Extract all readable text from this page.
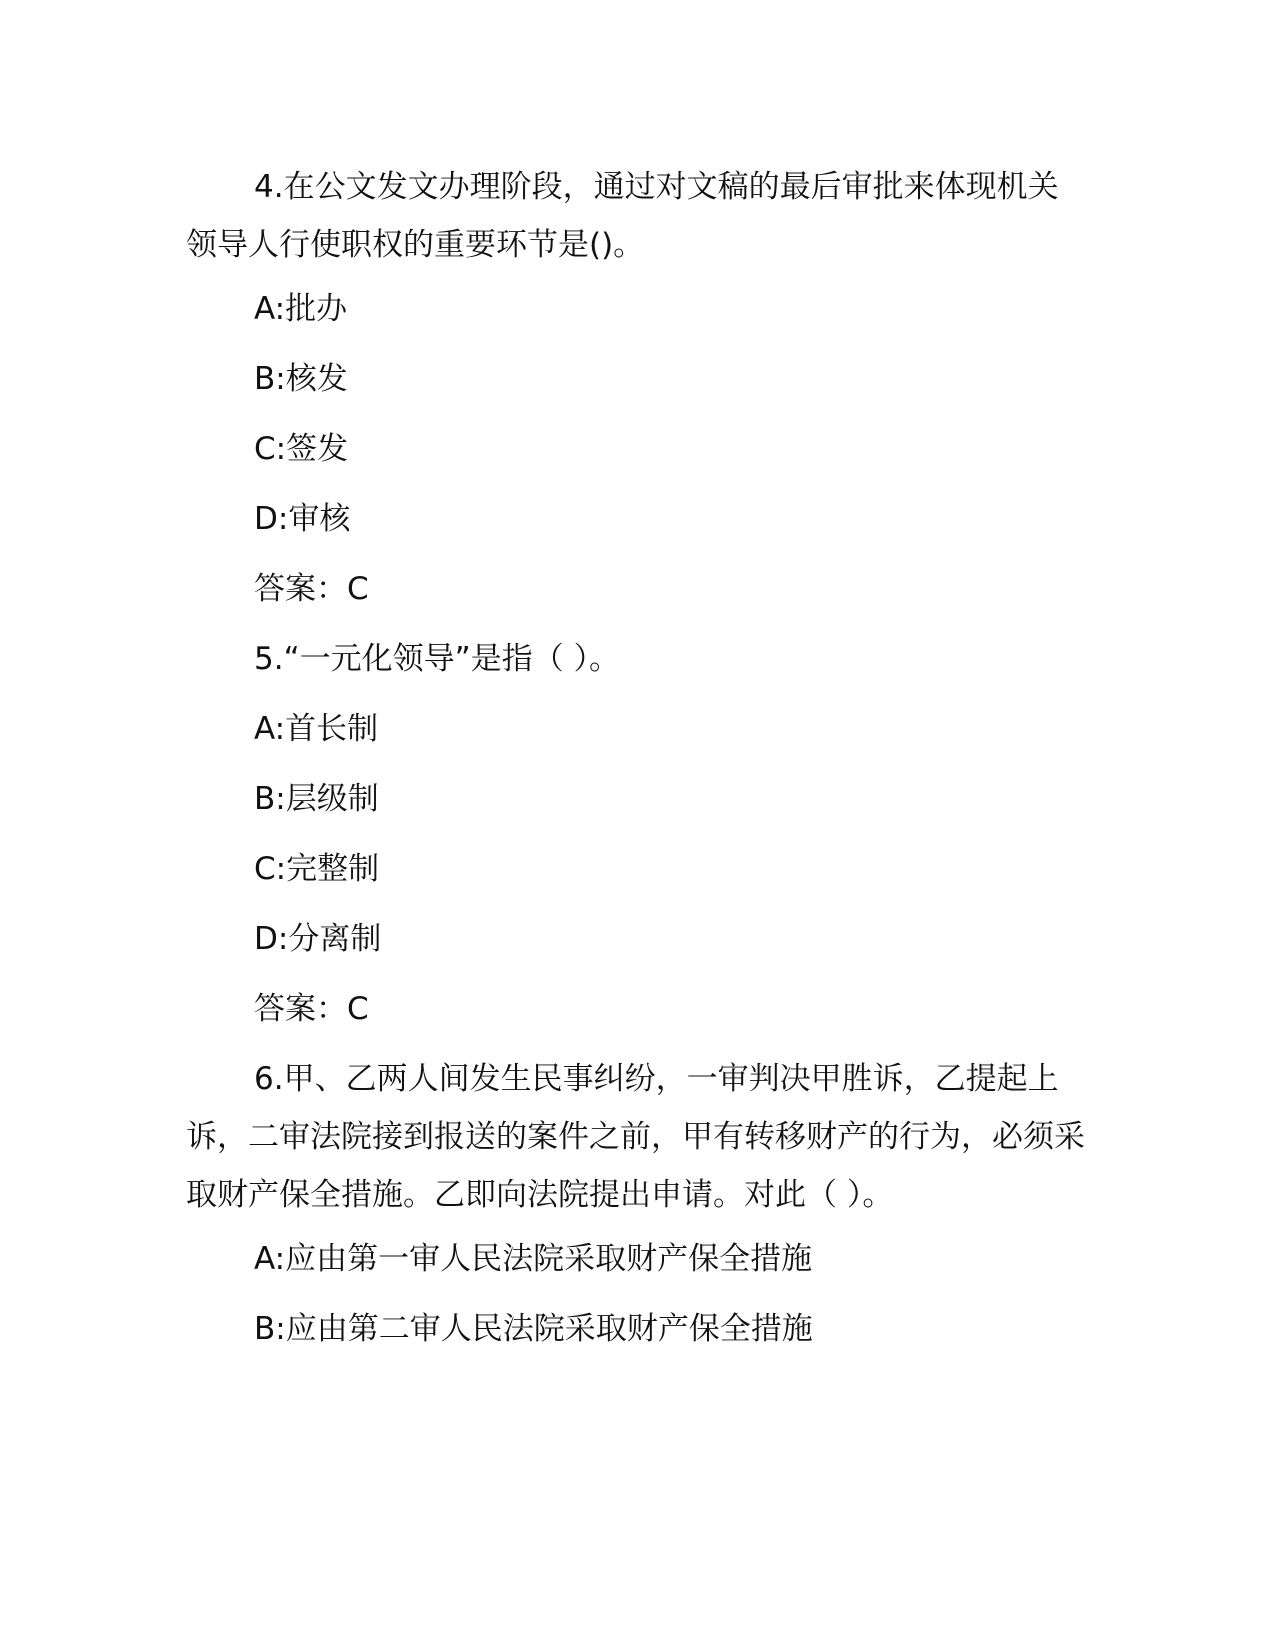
4.在公文发文办理阶段，通过对文稿的最后审批来体现机关领导人行使职权的重要环节是()。

A:批办

B:核发

C:签发

D:审核

答案：C

5.“一元化领导”是指（ ）。

A:首长制

B:层级制

C:完整制

D:分离制

答案：C

6.甲、乙两人间发生民事纠纷，一审判决甲胜诉，乙提起上诉，二审法院接到报送的案件之前，甲有转移财产的行为，必须采取财产保全措施。乙即向法院提出申请。对此（ ）。

A:应由第一审人民法院采取财产保全措施

B:应由第二审人民法院采取财产保全措施
